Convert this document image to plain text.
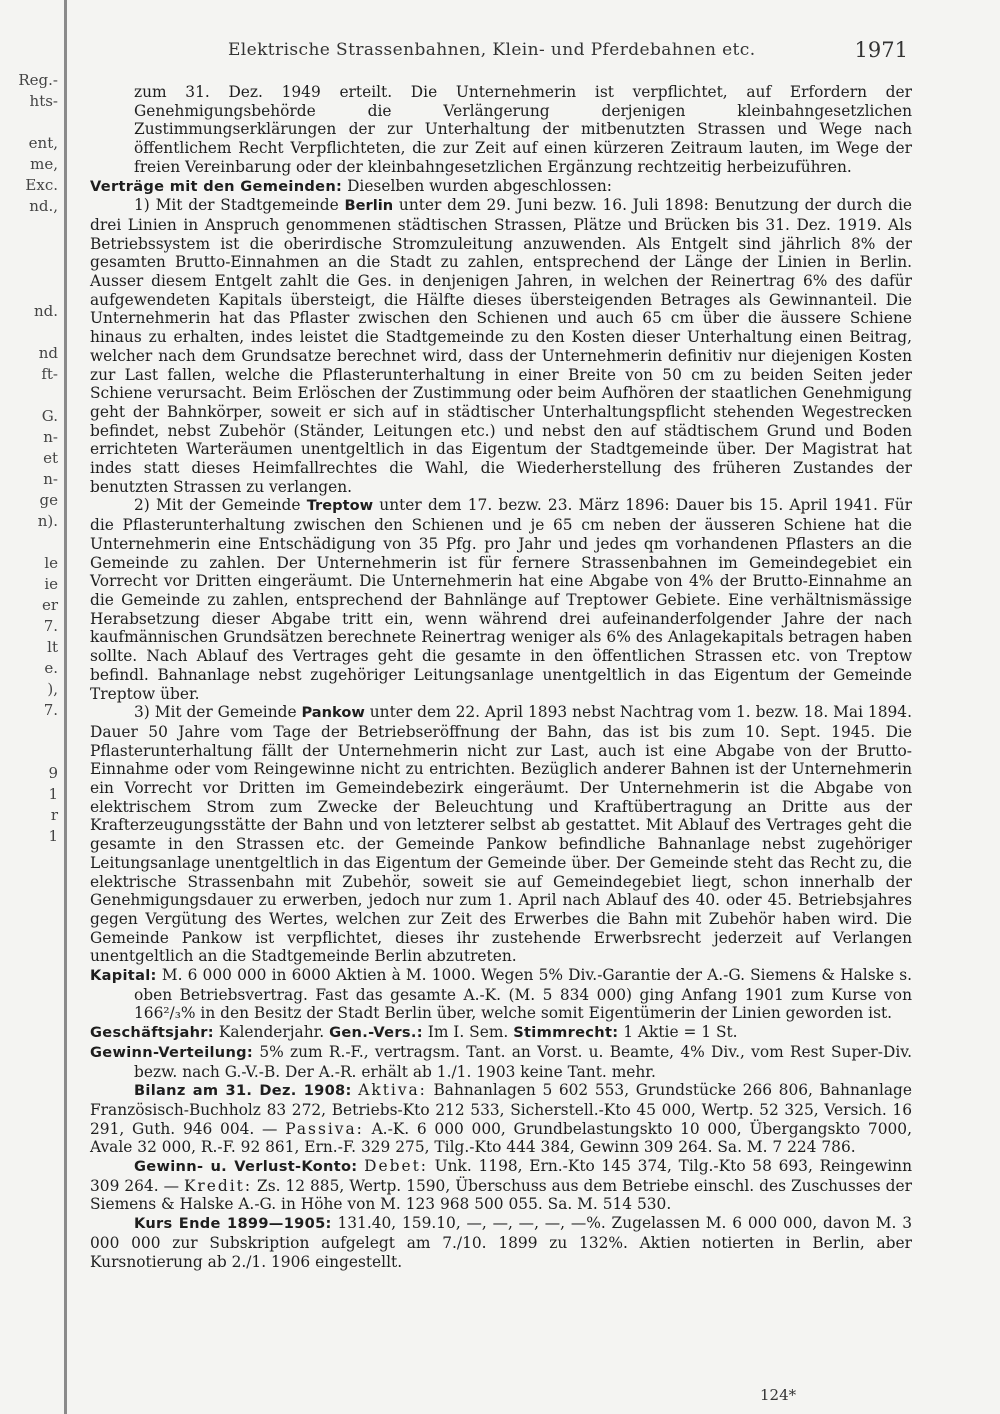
Reg.-
hts-

ent,
me,
Exc.
nd.,

nd.

nd
ft-

G.
n-
et
n-
ge
n).

le
ie
er
7.
lt
e.
),
7.

9
1
r
1
Elektrische Strassenbahnen, Klein- und Pferdebahnen etc.	1971

zum 31. Dez. 1949 erteilt. Die Unternehmerin ist verpflichtet, auf Erfordern der Genehmigungsbehörde die Verlängerung derjenigen kleinbahngesetzlichen Zustimmungserklärungen der zur Unterhaltung der mitbenutzten Strassen und Wege nach öffentlichem Recht Verpflichteten, die zur Zeit auf einen kürzeren Zeitraum lauten, im Wege der freien Vereinbarung oder der kleinbahngesetzlichen Ergänzung rechtzeitig herbeizuführen.

Verträge mit den Gemeinden: Dieselben wurden abgeschlossen:

1) Mit der Stadtgemeinde Berlin unter dem 29. Juni bezw. 16. Juli 1898: Benutzung der durch die drei Linien in Anspruch genommenen städtischen Strassen, Plätze und Brücken bis 31. Dez. 1919. Als Betriebssystem ist die oberirdische Stromzuleitung anzuwenden. Als Entgelt sind jährlich 8% der gesamten Brutto-Einnahmen an die Stadt zu zahlen, entsprechend der Länge der Linien in Berlin. Ausser diesem Entgelt zahlt die Ges. in denjenigen Jahren, in welchen der Reinertrag 6% des dafür aufgewendeten Kapitals übersteigt, die Hälfte dieses übersteigenden Betrages als Gewinnanteil. Die Unternehmerin hat das Pflaster zwischen den Schienen und auch 65 cm über die äussere Schiene hinaus zu erhalten, indes leistet die Stadtgemeinde zu den Kosten dieser Unterhaltung einen Beitrag, welcher nach dem Grundsatze berechnet wird, dass der Unternehmerin definitiv nur diejenigen Kosten zur Last fallen, welche die Pflasterunterhaltung in einer Breite von 50 cm zu beiden Seiten jeder Schiene verursacht. Beim Erlöschen der Zustimmung oder beim Aufhören der staatlichen Genehmigung geht der Bahnkörper, soweit er sich auf in städtischer Unterhaltungspflicht stehenden Wegestrecken befindet, nebst Zubehör (Ständer, Leitungen etc.) und nebst den auf städtischem Grund und Boden errichteten Warteräumen unentgeltlich in das Eigentum der Stadtgemeinde über. Der Magistrat hat indes statt dieses Heimfallrechtes die Wahl, die Wiederherstellung des früheren Zustandes der benutzten Strassen zu verlangen.

2) Mit der Gemeinde Treptow unter dem 17. bezw. 23. März 1896: Dauer bis 15. April 1941. Für die Pflasterunterhaltung zwischen den Schienen und je 65 cm neben der äusseren Schiene hat die Unternehmerin eine Entschädigung von 35 Pfg. pro Jahr und jedes qm vorhandenen Pflasters an die Gemeinde zu zahlen. Der Unternehmerin ist für fernere Strassenbahnen im Gemeindegebiet ein Vorrecht vor Dritten eingeräumt. Die Unternehmerin hat eine Abgabe von 4% der Brutto-Einnahme an die Gemeinde zu zahlen, entsprechend der Bahnlänge auf Treptower Gebiete. Eine verhältnismässige Herabsetzung dieser Abgabe tritt ein, wenn während drei aufeinanderfolgender Jahre der nach kaufmännischen Grundsätzen berechnete Reinertrag weniger als 6% des Anlagekapitals betragen haben sollte. Nach Ablauf des Vertrages geht die gesamte in den öffentlichen Strassen etc. von Treptow befindl. Bahnanlage nebst zugehöriger Leitungsanlage unentgeltlich in das Eigentum der Gemeinde Treptow über.

3) Mit der Gemeinde Pankow unter dem 22. April 1893 nebst Nachtrag vom 1. bezw. 18. Mai 1894. Dauer 50 Jahre vom Tage der Betriebseröffnung der Bahn, das ist bis zum 10. Sept. 1945. Die Pflasterunterhaltung fällt der Unternehmerin nicht zur Last, auch ist eine Abgabe von der Brutto-Einnahme oder vom Reingewinne nicht zu entrichten. Bezüglich anderer Bahnen ist der Unternehmerin ein Vorrecht vor Dritten im Gemeindebezirk eingeräumt. Der Unternehmerin ist die Abgabe von elektrischem Strom zum Zwecke der Beleuchtung und Kraftübertragung an Dritte aus der Krafterzeugungsstätte der Bahn und von letzterer selbst ab gestattet. Mit Ablauf des Vertrages geht die gesamte in den Strassen etc. der Gemeinde Pankow befindliche Bahnanlage nebst zugehöriger Leitungsanlage unentgeltlich in das Eigentum der Gemeinde über. Der Gemeinde steht das Recht zu, die elektrische Strassenbahn mit Zubehör, soweit sie auf Gemeindegebiet liegt, schon innerhalb der Genehmigungsdauer zu erwerben, jedoch nur zum 1. April nach Ablauf des 40. oder 45. Betriebsjahres gegen Vergütung des Wertes, welchen zur Zeit des Erwerbes die Bahn mit Zubehör haben wird. Die Gemeinde Pankow ist verpflichtet, dieses ihr zustehende Erwerbsrecht jederzeit auf Verlangen unentgeltlich an die Stadtgemeinde Berlin abzutreten.

Kapital: M. 6 000 000 in 6000 Aktien à M. 1000. Wegen 5% Div.-Garantie der A.-G. Siemens & Halske s. oben Betriebsvertrag. Fast das gesamte A.-K. (M. 5 834 000) ging Anfang 1901 zum Kurse von 166²/₃% in den Besitz der Stadt Berlin über, welche somit Eigentümerin der Linien geworden ist.

Geschäftsjahr: Kalenderjahr. Gen.-Vers.: Im I. Sem. Stimmrecht: 1 Aktie = 1 St.

Gewinn-Verteilung: 5% zum R.-F., vertragsm. Tant. an Vorst. u. Beamte, 4% Div., vom Rest Super-Div. bezw. nach G.-V.-B. Der A.-R. erhält ab 1./1. 1903 keine Tant. mehr.

Bilanz am 31. Dez. 1908: Aktiva: Bahnanlagen 5 602 553, Grundstücke 266 806, Bahnanlage Französisch-Buchholz 83 272, Betriebs-Kto 212 533, Sicherstell.-Kto 45 000, Wertp. 52 325, Versich. 16 291, Guth. 946 004. — Passiva: A.-K. 6 000 000, Grundbelastungskto 10 000, Übergangskto 7000, Avale 32 000, R.-F. 92 861, Ern.-F. 329 275, Tilg.-Kto 444 384, Gewinn 309 264. Sa. M. 7 224 786.

Gewinn- u. Verlust-Konto: Debet: Unk. 1198, Ern.-Kto 145 374, Tilg.-Kto 58 693, Reingewinn 309 264. — Kredit: Zs. 12 885, Wertp. 1590, Überschuss aus dem Betriebe einschl. des Zuschusses der Siemens & Halske A.-G. in Höhe von M. 123 968 500 055. Sa. M. 514 530.

Kurs Ende 1899—1905: 131.40, 159.10, —, —, —, —, —%. Zugelassen M. 6 000 000, davon M. 3 000 000 zur Subskription aufgelegt am 7./10. 1899 zu 132%. Aktien notierten in Berlin, aber Kursnotierung ab 2./1. 1906 eingestellt.

124*
